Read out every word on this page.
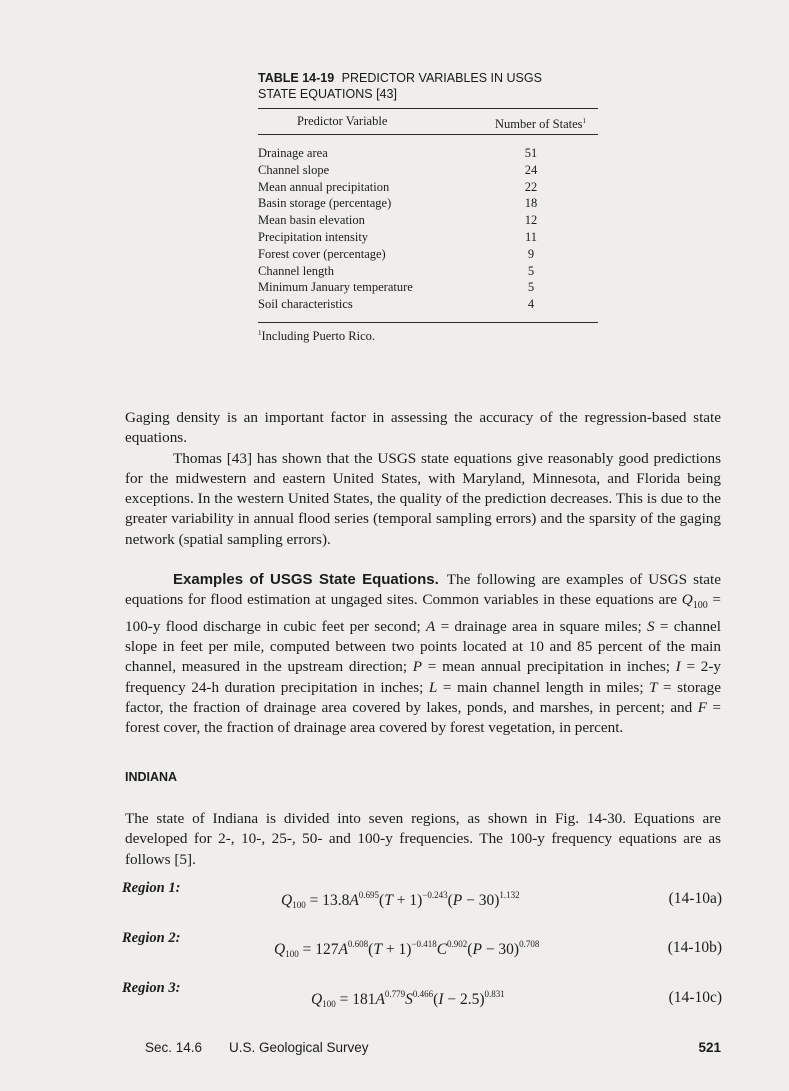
TABLE 14-19 PREDICTOR VARIABLES IN USGS
STATE EQUATIONS [43]
Predictor Variable	Number of States$^1$
Drainage area	51
Channel slope	24
Mean annual precipitation	22
Basin storage (percentage)	18
Mean basin elevation	12
Precipitation intensity	11
Forest cover (percentage)	9
Channel length	5
Minimum January temperature	5
Soil characteristics	4
$^1$Including Puerto Rico.

Gaging density is an important factor in assessing the accuracy of the regression-based state equations.

Thomas [43] has shown that the USGS state equations give reasonably good predictions for the midwestern and eastern United States, with Maryland, Minnesota, and Florida being exceptions. In the western United States, the quality of the prediction decreases. This is due to the greater variability in annual flood series (temporal sampling errors) and the sparsity of the gaging network (spatial sampling errors).

Examples of USGS State Equations. The following are examples of USGS state equations for flood estimation at ungaged sites. Common variables in these equations are $Q_{100} = 100-y$ flood discharge in cubic feet per second; A = drainage area in square miles; S = channel slope in feet per mile, computed between two points located at 10 and 85 percent of the main channel, measured in the upstream direction; P = mean annual precipitation in inches; I = 2-y frequency 24-h duration precipitation in inches; L = main channel length in miles; T = storage factor, the fraction of drainage area covered by lakes, ponds, and marshes, in percent; and F = forest cover, the fraction of drainage area covered by forest vegetation, in percent.

INDIANA

The state of Indiana is divided into seven regions, as shown in Fig. 14-30. Equations are developed for 2-, 10-, 25-, 50- and 100-y frequencies. The 100-y frequency equations are as follows [5].

Region 1:
$Q_{100} = 13.8A^{0.695}(T + 1)^{-0.243}(P - 30)^{1.132}$	(14-10a)
Region 2:
$Q_{100} = 127A^{0.608}(T + 1)^{-0.418}C^{0.902}(P - 30)^{0.708}$	(14-10b)
Region 3:
$Q_{100} = 181A^{0.779}S^{0.466}(I - 2.5)^{0.831}$	(14-10c)
Sec. 14.6 U.S. Geological Survey	521
